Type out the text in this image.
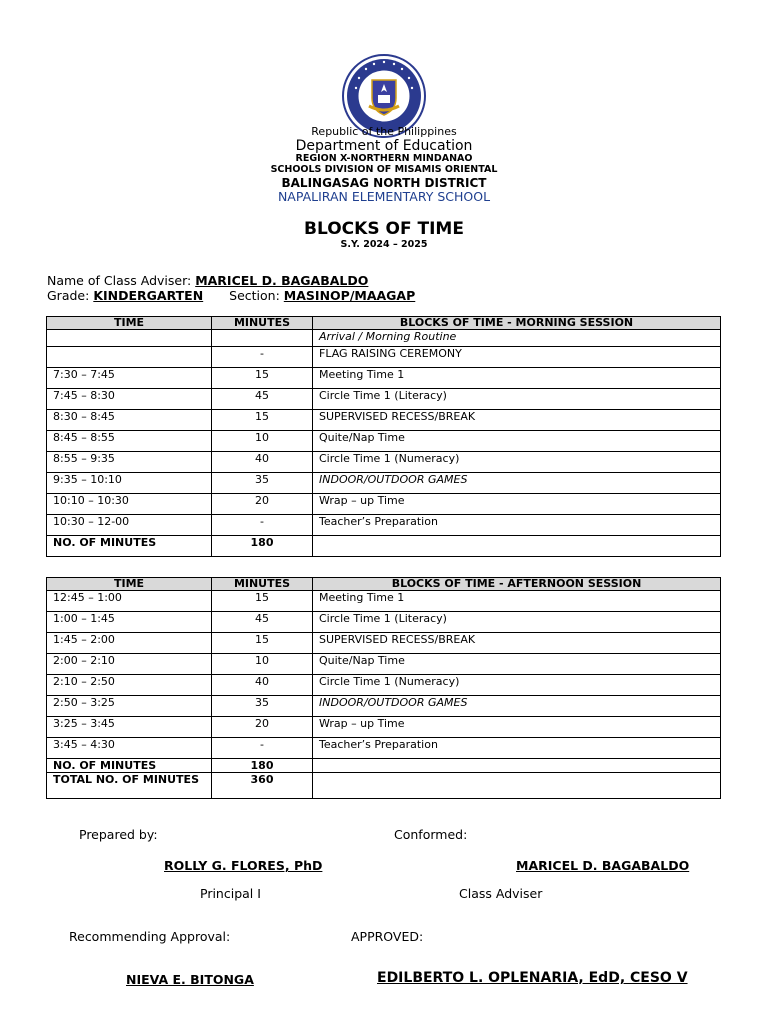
Republic of the Philippines
Department of Education
REGION X-NORTHERN MINDANAO
SCHOOLS DIVISION OF MISAMIS ORIENTAL
BALINGASAG NORTH DISTRICT
NAPALIRAN ELEMENTARY SCHOOL
BLOCKS OF TIME
S.Y. 2024 – 2025
Name of Class Adviser: MARICEL D. BAGABALDO
Grade: KINDERGARTEN Section: MASINOP/MAAGAP
TIME	MINUTES	BLOCKS OF TIME - MORNING SESSION
		Arrival / Morning Routine
	-	FLAG RAISING CEREMONY
7:30 – 7:45	15	Meeting Time 1
7:45 – 8:30	45	Circle Time 1 (Literacy)
8:30 – 8:45	15	SUPERVISED RECESS/BREAK
8:45 – 8:55	10	Quite/Nap Time
8:55 – 9:35	40	Circle Time 1 (Numeracy)
9:35 – 10:10	35	INDOOR/OUTDOOR GAMES
10:10 – 10:30	20	Wrap – up Time
10:30 – 12-00	-	Teacher’s Preparation
NO. OF MINUTES	180	
TIME	MINUTES	BLOCKS OF TIME - AFTERNOON SESSION
12:45 – 1:00	15	Meeting Time 1
1:00 – 1:45	45	Circle Time 1 (Literacy)
1:45 – 2:00	15	SUPERVISED RECESS/BREAK
2:00 – 2:10	10	Quite/Nap Time
2:10 – 2:50	40	Circle Time 1 (Numeracy)
2:50 – 3:25	35	INDOOR/OUTDOOR GAMES
3:25 – 3:45	20	Wrap – up Time
3:45 – 4:30	-	Teacher’s Preparation
NO. OF MINUTES	180	
TOTAL NO. OF MINUTES	360	
Prepared by:	Conformed:
ROLLY G. FLORES, PhD	MARICEL D. BAGABALDO
Principal I	Class Adviser
Recommending Approval:	APPROVED:
NIEVA E. BITONGA	EDILBERTO L. OPLENARIA, EdD, CESO V
